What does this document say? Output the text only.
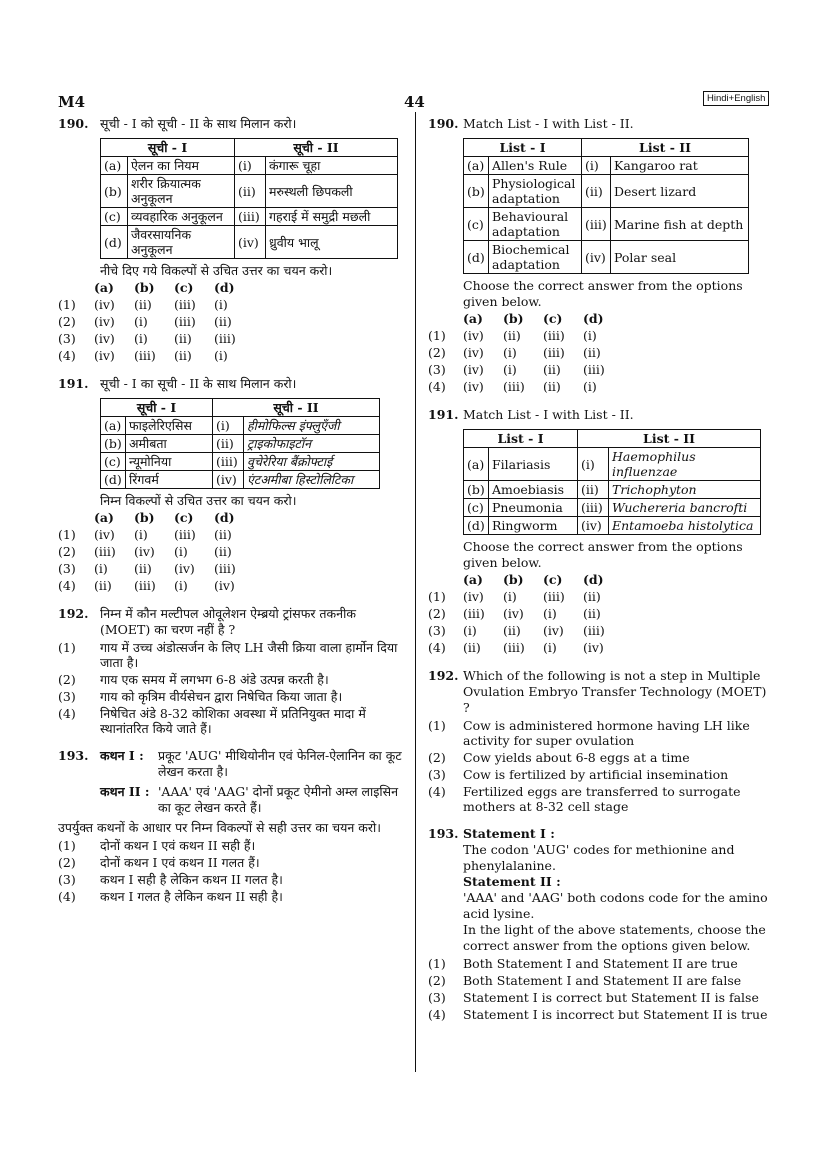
M4	44	Hindi+English
190. सूची - I को सूची - II के साथ मिलान करो।
सूची - I		सूची - II	
(a)	ऐलन का नियम	(i)	कंगारू चूहा
(b)	शरीर क्रियात्मक अनुकूलन	(ii)	मरुस्थली छिपकली
(c)	व्यवहारिक अनुकूलन	(iii)	गहराई में समुद्री मछली
(d)	जैवरसायनिक अनुकूलन	(iv)	ध्रुवीय भालू
नीचे दिए गये विकल्पों से उचित उत्तर का चयन करो।
	(a)	(b)	(c)	(d)
(1)	(iv)	(ii)	(iii)	(i)
(2)	(iv)	(i)	(iii)	(ii)
(3)	(iv)	(i)	(ii)	(iii)
(4)	(iv)	(iii)	(ii)	(i)
191. सूची - I का सूची - II के साथ मिलान करो।
सूची - I		सूची - II	
(a)	फाइलेरिएसिस	(i)	हीमोफिल्स इंफ्लुएँजी
(b)	अमीबता	(ii)	ट्राइकोफाइटॉन
(c)	न्यूमोनिया	(iii)	वुचेरेरिया बैंक्रोफ्टाई
(d)	रिंगवर्म	(iv)	एंटअमीबा हिस्टोलिटिका
निम्न विकल्पों से उचित उत्तर का चयन करो।
	(a)	(b)	(c)	(d)
(1)	(iv)	(i)	(iii)	(ii)
(2)	(iii)	(iv)	(i)	(ii)
(3)	(i)	(ii)	(iv)	(iii)
(4)	(ii)	(iii)	(i)	(iv)
192. निम्न में कौन मल्टीपल ओवूलेशन ऐम्ब्रयो ट्रांसफर तकनीक (MOET) का चरण नहीं है ?
(1)	गाय में उच्च अंडोत्सर्जन के लिए LH जैसी क्रिया वाला हार्मोन दिया जाता है।
(2)	गाय एक समय में लगभग 6-8 अंडे उत्पन्न करती है।
(3)	गाय को कृत्रिम वीर्यसेचन द्वारा निषेचित किया जाता है।
(4)	निषेचित अंडे 8-32 कोशिका अवस्था में प्रतिनियुक्त मादा में स्थानांतरित किये जाते हैं।
193. कथन I :	प्रकूट 'AUG' मीथियोनीन एवं फेनिल-ऐलानिन का कूट लेखन करता है।
कथन II : 'AAA' एवं 'AAG' दोनों प्रकूट ऐमीनो अम्ल लाइसिन का कूट लेखन करते हैं।
उपर्युक्त कथनों के आधार पर निम्न विकल्पों से सही उत्तर का चयन करो।
(1)	दोनों कथन I एवं कथन II सही हैं।
(2)	दोनों कथन I एवं कथन II गलत हैं।
(3)	कथन I सही है लेकिन कथन II गलत है।
(4)	कथन I गलत है लेकिन कथन II सही है।
190. Match List - I with List - II.
List - I		List - II	
(a)	Allen's Rule	(i)	Kangaroo rat
(b)	Physiological adaptation	(ii)	Desert lizard
(c)	Behavioural adaptation	(iii)	Marine fish at depth
(d)	Biochemical adaptation	(iv)	Polar seal
Choose the correct answer from the options given below.
	(a)	(b)	(c)	(d)
(1)	(iv)	(ii)	(iii)	(i)
(2)	(iv)	(i)	(iii)	(ii)
(3)	(iv)	(i)	(ii)	(iii)
(4)	(iv)	(iii)	(ii)	(i)
191. Match List - I with List - II.
List - I		List - II	
(a)	Filariasis	(i)	Haemophilus influenzae
(b)	Amoebiasis	(ii)	Trichophyton
(c)	Pneumonia	(iii)	Wuchereria bancrofti
(d)	Ringworm	(iv)	Entamoeba histolytica
Choose the correct answer from the options given below.
	(a)	(b)	(c)	(d)
(1)	(iv)	(i)	(iii)	(ii)
(2)	(iii)	(iv)	(i)	(ii)
(3)	(i)	(ii)	(iv)	(iii)
(4)	(ii)	(iii)	(i)	(iv)
192. Which of the following is not a step in Multiple Ovulation Embryo Transfer Technology (MOET) ?
(1)	Cow is administered hormone having LH like activity for super ovulation
(2)	Cow yields about 6-8 eggs at a time
(3)	Cow is fertilized by artificial insemination
(4)	Fertilized eggs are transferred to surrogate mothers at 8-32 cell stage
193. Statement I :
The codon 'AUG' codes for methionine and phenylalanine.
Statement II :
'AAA' and 'AAG' both codons code for the amino acid lysine.
In the light of the above statements, choose the correct answer from the options given below.
(1)	Both Statement I and Statement II are true
(2)	Both Statement I and Statement II are false
(3)	Statement I is correct but Statement II is false
(4)	Statement I is incorrect but Statement II is true
